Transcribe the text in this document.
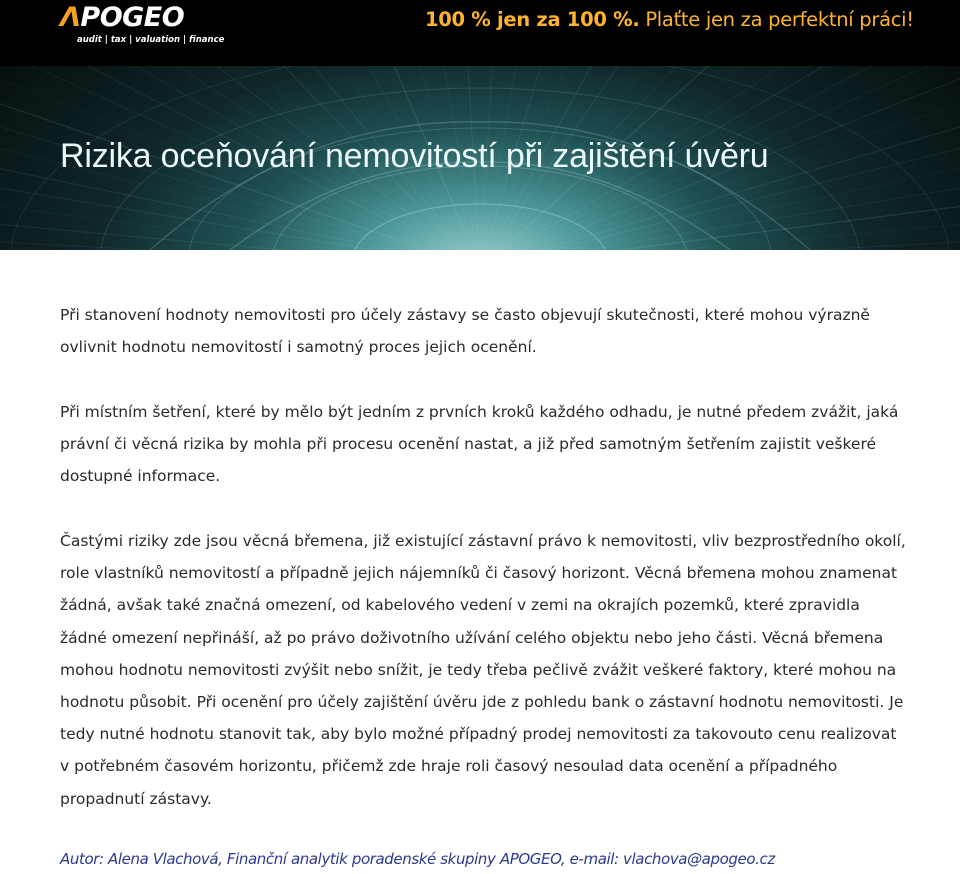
ΛPOGEO
audit | tax | valuation | finance
100 % jen za 100 %. Plaťte jen za perfektní práci!
Rizika oceňování nemovitostí při zajištění úvěru

Při stanovení hodnoty nemovitosti pro účely zástavy se často objevují skutečnosti, které mohou výrazně ovlivnit hodnotu nemovitostí i samotný proces jejich ocenění.

Při místním šetření, které by mělo být jedním z prvních kroků každého odhadu, je nutné předem zvážit, jaká právní či věcná rizika by mohla při procesu ocenění nastat, a již před samotným šetřením zajistit veškeré dostupné informace.

Častými riziky zde jsou věcná břemena, již existující zástavní právo k nemovitosti, vliv bezprostředního okolí, role vlastníků nemovitostí a případně jejich nájemníků či časový horizont. Věcná břemena mohou znamenat žádná, avšak také značná omezení, od kabelového vedení v zemi na okrajích pozemků, které zpravidla žádné omezení nepřináší, až po právo doživotního užívání celého objektu nebo jeho části. Věcná břemena mohou hodnotu nemovitosti zvýšit nebo snížit, je tedy třeba pečlivě zvážit veškeré faktory, které mohou na hodnotu působit. Při ocenění pro účely zajištění úvěru jde z pohledu bank o zástavní hodnotu nemovitosti. Je tedy nutné hodnotu stanovit tak, aby bylo možné případný prodej nemovitosti za takovouto cenu realizovat v potřebném časovém horizontu, přičemž zde hraje roli časový nesoulad data ocenění a případného propadnutí zástavy.

Autor: Alena Vlachová, Finanční analytik poradenské skupiny APOGEO, e-mail: vlachova@apogeo.cz
